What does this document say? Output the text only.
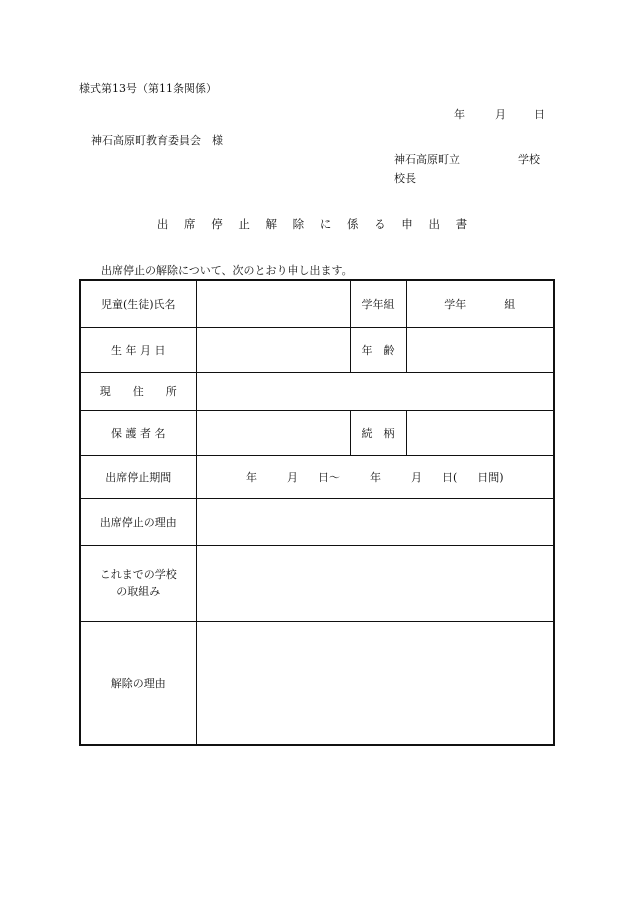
様式第13号（第11条関係）
年	月	日
神石高原町教育委員会　様
神石高原町立	学校
校長
出 席 停 止 解 除 に 係 る 申 出 書
出席停止の解除について、次のとおり申し出ます。
児童(生徒)氏名		学年組	学年 組
生 年 月 日		年　齢	
現　　住　　所			
保 護 者 名		続　柄	
出席停止期間	年 月 日〜 年 月 日( 日間)		
出席停止の理由			
これまでの学校
の取組み			
解除の理由			
